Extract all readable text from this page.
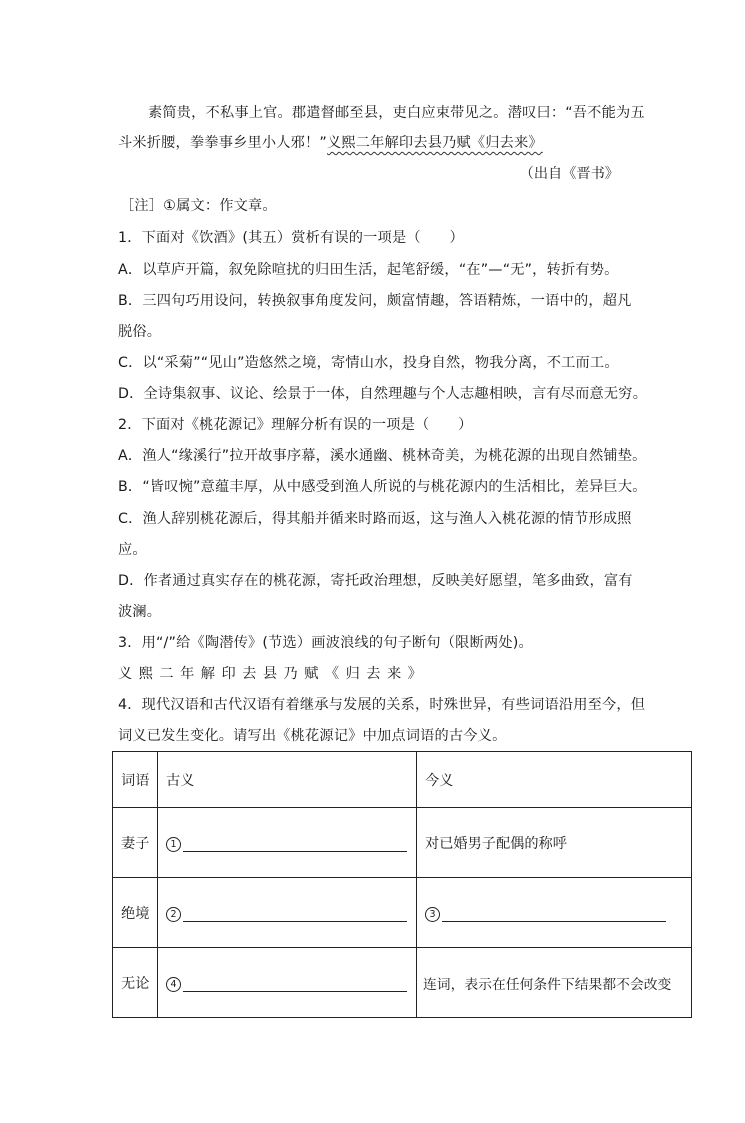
素简贵，不私事上官。郡遣督邮至县，吏白应束带见之。潜叹曰：“吾不能为五
斗米折腰，拳拳事乡里小人邪！”义熙二年解印去县乃赋《归去来》
（出自《晋书》
［注］①属文：作文章。
1．下面对《饮酒》(其五）赏析有误的一项是（　　）
A．以草庐开篇，叙免除喧扰的归田生活，起笔舒缓，“在”—“无”，转折有势。
B．三四句巧用设问，转换叙事角度发问，颇富情趣，答语精炼，一语中的，超凡
脱俗。
C．以“采菊”“见山”造悠然之境，寄情山水，投身自然，物我分离，不工而工。
D．全诗集叙事、议论、绘景于一体，自然理趣与个人志趣相映，言有尽而意无穷。
2．下面对《桃花源记》理解分析有误的一项是（　　）
A．渔人“缘溪行”拉开故事序幕，溪水通幽、桃林奇美，为桃花源的出现自然铺垫。
B．“皆叹惋”意蕴丰厚，从中感受到渔人所说的与桃花源内的生活相比，差异巨大。
C．渔人辞别桃花源后，得其船并循来时路而返，这与渔人入桃花源的情节形成照
应。
D．作者通过真实存在的桃花源，寄托政治理想，反映美好愿望，笔多曲致，富有
波澜。
3．用“/”给《陶潜传》(节选）画波浪线的句子断句（限断两处)。
义熙二年解印去县乃赋《归去来》
4．现代汉语和古代汉语有着继承与发展的关系，时殊世异，有些词语沿用至今，但
词义已发生变化。请写出《桃花源记》中加点词语的古今义。
词语	古义	今义
妻子	1	对已婚男子配偶的称呼
绝境	2	3
无论	4	连词，表示在任何条件下结果都不会改变
